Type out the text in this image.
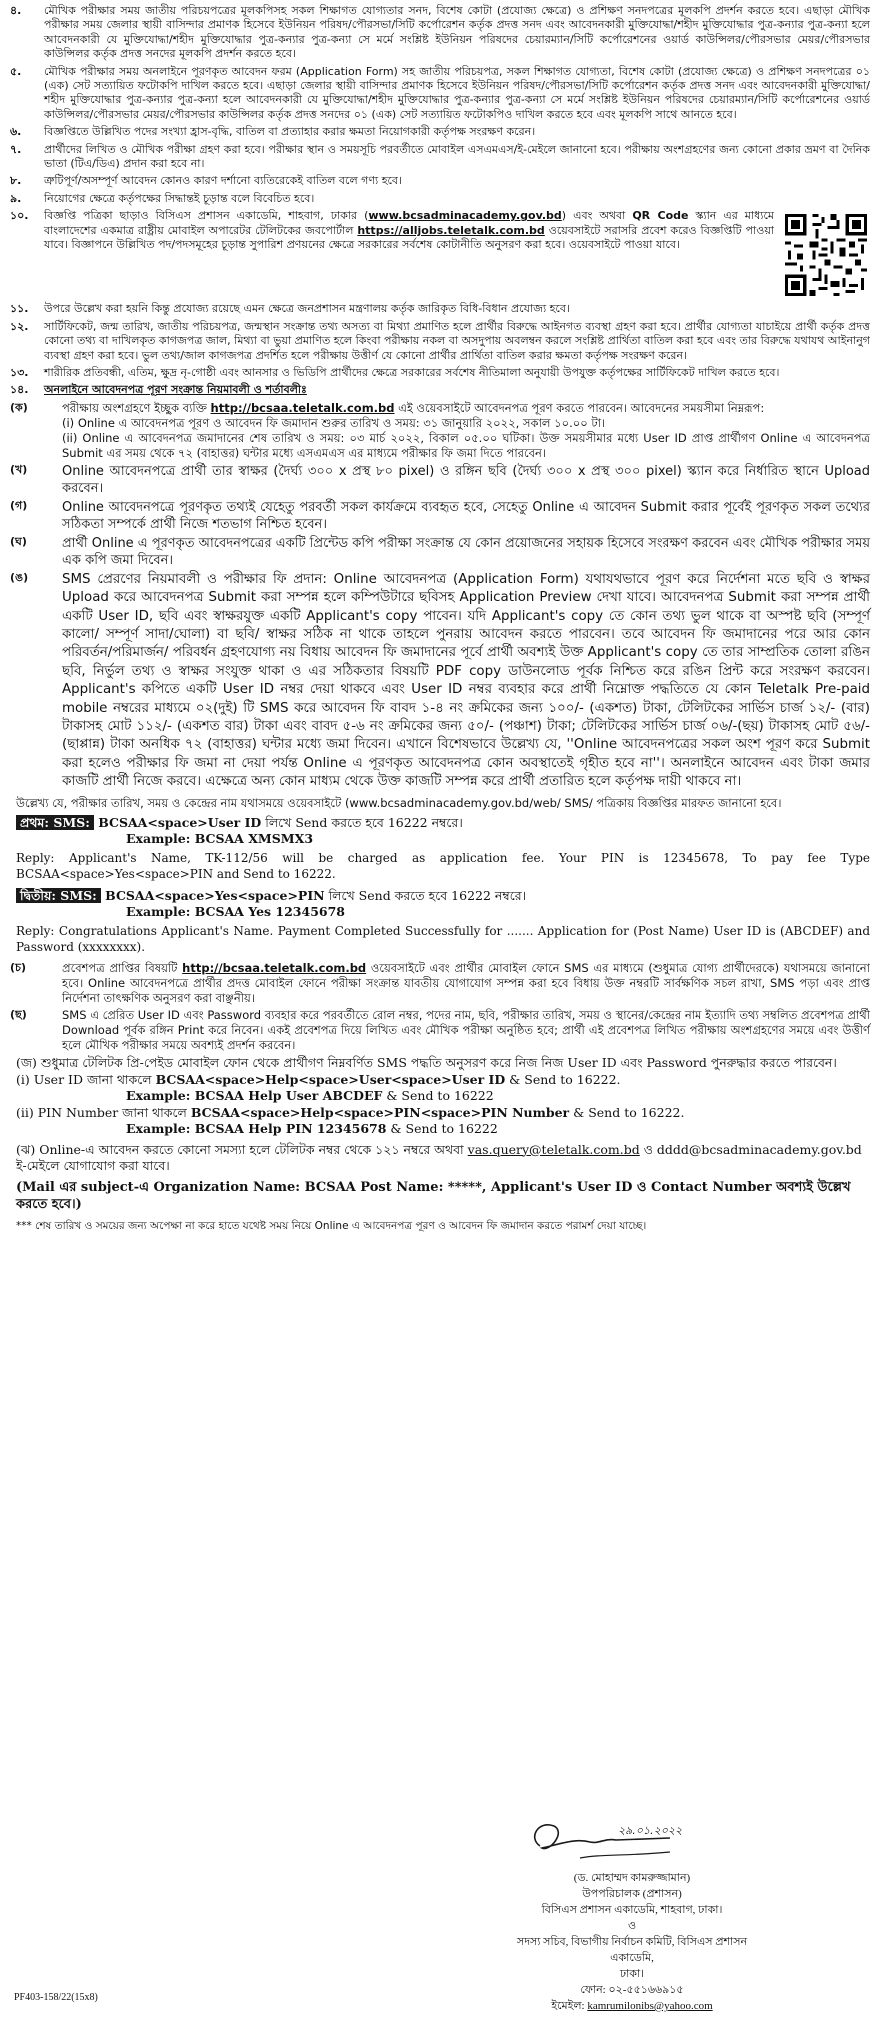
৪.	মৌখিক পরীক্ষার সময় জাতীয় পরিচয়পত্রের মূলকপিসহ সকল শিক্ষাগত যোগ্যতার সনদ, বিশেষ কোটা (প্রযোজ্য ক্ষেত্রে) ও প্রশিক্ষণ সনদপত্রের মূলকপি প্রদর্শন করতে হবে। এছাড়া মৌখিক পরীক্ষার সময় জেলার স্থায়ী বাসিন্দার প্রমাণক হিসেবে ইউনিয়ন পরিষদ/পৌরসভা/সিটি কর্পোরেশন কর্তৃক প্রদত্ত সনদ এবং আবেদনকারী মুক্তিযোদ্ধা/শহীদ মুক্তিযোদ্ধার পুত্র-কন্যার পুত্র-কন্যা হলে আবেদনকারী যে মুক্তিযোদ্ধা/শহীদ মুক্তিযোদ্ধার পুত্র-কন্যার পুত্র-কন্যা সে মর্মে সংশ্লিষ্ট ইউনিয়ন পরিষদের চেয়ারম্যান/সিটি কর্পোরেশনের ওয়ার্ড কাউন্সিলর/পৌরসভার মেয়র/পৌরসভার কাউন্সিলর কর্তৃক প্রদত্ত সনদের মূলকপি প্রদর্শন করতে হবে।
৫.	মৌখিক পরীক্ষার সময় অনলাইনে পূরণকৃত আবেদন ফরম (Application Form) সহ জাতীয় পরিচয়পত্র, সকল শিক্ষাগত যোগ্যতা, বিশেষ কোটা (প্রযোজ্য ক্ষেত্রে) ও প্রশিক্ষণ সনদপত্রের ০১ (এক) সেট সত্যায়িত ফটোকপি দাখিল করতে হবে। এছাড়া জেলার স্থায়ী বাসিন্দার প্রমাণক হিসেবে ইউনিয়ন পরিষদ/পৌরসভা/সিটি কর্পোরেশন কর্তৃক প্রদত্ত সনদ এবং আবেদনকারী মুক্তিযোদ্ধা/শহীদ মুক্তিযোদ্ধার পুত্র-কন্যার পুত্র-কন্যা হলে আবেদনকারী যে মুক্তিযোদ্ধা/শহীদ মুক্তিযোদ্ধার পুত্র-কন্যার পুত্র-কন্যা সে মর্মে সংশ্লিষ্ট ইউনিয়ন পরিষদের চেয়ারম্যান/সিটি কর্পোরেশনের ওয়ার্ড কাউন্সিলর/পৌরসভার মেয়র/পৌরসভার কাউন্সিলর কর্তৃক প্রদত্ত সনদের ০১ (এক) সেট সত্যায়িত ফটোকপিও দাখিল করতে হবে এবং মূলকপি সাথে আনতে হবে।
৬.	বিজ্ঞপ্তিতে উল্লিখিত পদের সংখ্যা হ্রাস-বৃদ্ধি, বাতিল বা প্রত্যাহার করার ক্ষমতা নিয়োগকারী কর্তৃপক্ষ সংরক্ষণ করেন।
৭.	প্রার্থীদের লিখিত ও মৌখিক পরীক্ষা গ্রহণ করা হবে। পরীক্ষার স্থান ও সময়সূচি পরবর্তীতে মোবাইল এসএমএস/ই-মেইলে জানানো হবে। পরীক্ষায় অংশগ্রহণের জন্য কোনো প্রকার ভ্রমণ বা দৈনিক ভাতা (টিএ/ডিএ) প্রদান করা হবে না।
৮.	ত্রুটিপূর্ণ/অসম্পূর্ণ আবেদন কোনও কারণ দর্শানো ব্যতিরেকেই বাতিল বলে গণ্য হবে।
৯.	নিয়োগের ক্ষেত্রে কর্তৃপক্ষের সিদ্ধান্তই চূড়ান্ত বলে বিবেচিত হবে।
১০.	বিজ্ঞপ্তি পত্রিকা ছাড়াও বিসিএস প্রশাসন একাডেমি, শাহবাগ, ঢাকার (www.bcsadminacademy.gov.bd) এবং অথবা QR Code স্ক্যান এর মাধ্যমে বাংলাদেশের একমাত্র রাষ্ট্রীয় মোবাইল অপারেটর টেলিটকের জবপোর্টাল https://alljobs.teletalk.com.bd ওয়েবসাইটে সরাসরি প্রবেশ করেও বিজ্ঞপ্তিটি পাওয়া যাবে। বিজ্ঞাপনে উল্লিখিত পদ/পদসমূহের চূড়ান্ত সুপারিশ প্রণয়নের ক্ষেত্রে সরকারের সর্বশেষ কোটানীতি অনুসরণ করা হবে। ওয়েবসাইটে পাওয়া যাবে।
১১.	উপরে উল্লেখ করা হয়নি কিন্তু প্রযোজ্য রয়েছে এমন ক্ষেত্রে জনপ্রশাসন মন্ত্রণালয় কর্তৃক জারিকৃত বিধি-বিধান প্রযোজ্য হবে।
১২.	সার্টিফিকেট, জন্ম তারিখ, জাতীয় পরিচয়পত্র, জন্মস্থান সংক্রান্ত তথ্য অসত্য বা মিথ্যা প্রমাণিত হলে প্রার্থীর বিরুদ্ধে আইনগত ব্যবস্থা গ্রহণ করা হবে। প্রার্থীর যোগ্যতা যাচাইয়ে প্রার্থী কর্তৃক প্রদত্ত কোনো তথ্য বা দাখিলকৃত কাগজপত্র জাল, মিথ্যা বা ভুয়া প্রমাণিত হলে কিংবা পরীক্ষায় নকল বা অসদুপায় অবলম্বন করলে সংশ্লিষ্ট প্রার্থিতা বাতিল করা হবে এবং তার বিরুদ্ধে যথাযথ আইনানুগ ব্যবস্থা গ্রহণ করা হবে। ভুল তথ্য/জাল কাগজপত্র প্রদর্শিত হলে পরীক্ষায় উত্তীর্ণ যে কোনো প্রার্থীর প্রার্থিতা বাতিল করার ক্ষমতা কর্তৃপক্ষ সংরক্ষণ করেন।
১৩.	শারীরিক প্রতিবন্ধী, এতিম, ক্ষুদ্র নৃ-গোষ্ঠী এবং আনসার ও ভিডিপি প্রার্থীদের ক্ষেত্রে সরকারের সর্বশেষ নীতিমালা অনুযায়ী উপযুক্ত কর্তৃপক্ষের সার্টিফিকেট দাখিল করতে হবে।
১৪.	অনলাইনে আবেদনপত্র পূরণ সংক্রান্ত নিয়মাবলী ও শর্তাবলীঃ
(ক)	পরীক্ষায় অংশগ্রহণে ইচ্ছুক ব্যক্তি http://bcsaa.teletalk.com.bd এই ওয়েবসাইটে আবেদনপত্র পূরণ করতে পারবেন। আবেদনের সময়সীমা নিম্নরূপ:

(i) Online এ আবেদনপত্র পূরণ ও আবেদন ফি জমাদান শুরুর তারিখ ও সময়: ৩১ জানুয়ারি ২০২২, সকাল ১০.০০ টা।

(ii) Online এ আবেদনপত্র জমাদানের শেষ তারিখ ও সময়: ০৩ মার্চ ২০২২, বিকাল ০৫.০০ ঘটিকা। উক্ত সময়সীমার মধ্যে User ID প্রাপ্ত প্রার্থীগণ Online এ আবেদনপত্র Submit এর সময় থেকে ৭২ (বাহাত্তর) ঘন্টার মধ্যে এসএমএস এর মাধ্যমে পরীক্ষার ফি জমা দিতে পারবেন।

(খ)	Online আবেদনপত্রে প্রার্থী তার স্বাক্ষর (দৈর্ঘ্য ৩০০ x প্রস্থ ৮০ pixel) ও রঙ্গিন ছবি (দৈর্ঘ্য ৩০০ x প্রস্থ ৩০০ pixel) স্ক্যান করে নির্ধারিত স্থানে Upload করবেন।
(গ)	Online আবেদনপত্রে পূরণকৃত তথ্যই যেহেতু পরবর্তী সকল কার্যক্রমে ব্যবহৃত হবে, সেহেতু Online এ আবেদন Submit করার পূর্বেই পূরণকৃত সকল তথ্যের সঠিকতা সম্পর্কে প্রার্থী নিজে শতভাগ নিশ্চিত হবেন।
(ঘ)	প্রার্থী Online এ পূরণকৃত আবেদনপত্রের একটি প্রিন্টেড কপি পরীক্ষা সংক্রান্ত যে কোন প্রয়োজনের সহায়ক হিসেবে সংরক্ষণ করবেন এবং মৌখিক পরীক্ষার সময় এক কপি জমা দিবেন।
(ঙ)	SMS প্রেরণের নিয়মাবলী ও পরীক্ষার ফি প্রদান: Online আবেদনপত্র (Application Form) যথাযথভাবে পূরণ করে নির্দেশনা মতে ছবি ও স্বাক্ষর Upload করে আবেদনপত্র Submit করা সম্পন্ন হলে কম্পিউটারে ছবিসহ Application Preview দেখা যাবে। আবেদনপত্র Submit করা সম্পন্ন প্রার্থী একটি User ID, ছবি এবং স্বাক্ষরযুক্ত একটি Applicant's copy পাবেন। যদি Applicant's copy তে কোন তথ্য ভুল থাকে বা অস্পষ্ট ছবি (সম্পূর্ণ কালো/ সম্পূর্ণ সাদা/ঘোলা) বা ছবি/ স্বাক্ষর সঠিক না থাকে তাহলে পুনরায় আবেদন করতে পারবেন। তবে আবেদন ফি জমাদানের পরে আর কোন পরিবর্তন/পরিমার্জন/ পরিবর্ধন গ্রহণযোগ্য নয় বিধায় আবেদন ফি জমাদানের পূর্বে প্রার্থী অবশ্যই উক্ত Applicant's copy তে তার সাম্প্রতিক তোলা রঙিন ছবি, নির্ভুল তথ্য ও স্বাক্ষর সংযুক্ত থাকা ও এর সঠিকতার বিষয়টি PDF copy ডাউনলোড পূর্বক নিশ্চিত করে রঙিন প্রিন্ট করে সংরক্ষণ করবেন। Applicant's কপিতে একটি User ID নম্বর দেয়া থাকবে এবং User ID নম্বর ব্যবহার করে প্রার্থী নিম্নোক্ত পদ্ধতিতে যে কোন Teletalk Pre-paid mobile নম্বরের মাধ্যমে ০২(দুই) টি SMS করে আবেদন ফি বাবদ ১-৪ নং ক্রমিকের জন্য ১০০/- (একশত) টাকা, টেলিটকের সার্ভিস চার্জ ১২/- (বার) টাকাসহ মোট ১১২/- (একশত বার) টাকা এবং বাবদ ৫-৬ নং ক্রমিকের জন্য ৫০/- (পঞ্চাশ) টাকা; টেলিটকের সার্ভিস চার্জ ০৬/-(ছয়) টাকাসহ মোট ৫৬/- (ছাপ্পান্ন) টাকা অনধিক ৭২ (বাহাত্তর) ঘন্টার মধ্যে জমা দিবেন। এখানে বিশেষভাবে উল্লেখ্য যে, ''Online আবেদনপত্রের সকল অংশ পূরণ করে Submit করা হলেও পরীক্ষার ফি জমা না দেয়া পর্যন্ত Online এ পূরণকৃত আবেদনপত্র কোন অবস্থাতেই গৃহীত হবে না''। অনলাইনে আবেদন এবং টাকা জমার কাজটি প্রার্থী নিজে করবে। এক্ষেত্রে অন্য কোন মাধ্যম থেকে উক্ত কাজটি সম্পন্ন করে প্রার্থী প্রতারিত হলে কর্তৃপক্ষ দায়ী থাকবে না।
উল্লেখ্য যে, পরীক্ষার তারিখ, সময় ও কেন্দ্রের নাম যথাসময়ে ওয়েবসাইটে (www.bcsadminacademy.gov.bd/web/ SMS/ পত্রিকায় বিজ্ঞপ্তির মারফত জানানো হবে।
প্রথম: SMS: BCSAA<space>User ID লিখে Send করতে হবে 16222 নম্বরে।
Example: BCSAA XMSMX3
Reply: Applicant's Name, TK-112/56 will be charged as application fee. Your PIN is 12345678, To pay fee Type BCSAA<space>Yes<space>PIN and Send to 16222.
দ্বিতীয়: SMS: BCSAA<space>Yes<space>PIN লিখে Send করতে হবে 16222 নম্বরে।
Example: BCSAA Yes 12345678
Reply: Congratulations Applicant's Name. Payment Completed Successfully for ....... Application for (Post Name) User ID is (ABCDEF) and Password (xxxxxxxx).
(চ)	প্রবেশপত্র প্রাপ্তির বিষয়টি http://bcsaa.teletalk.com.bd ওয়েবসাইটে এবং প্রার্থীর মোবাইল ফোনে SMS এর মাধ্যমে (শুধুমাত্র যোগ্য প্রার্থীদেরকে) যথাসময়ে জানানো হবে। Online আবেদনপত্রে প্রার্থীর প্রদত্ত মোবাইল ফোনে পরীক্ষা সংক্রান্ত যাবতীয় যোগাযোগ সম্পন্ন করা হবে বিধায় উক্ত নম্বরটি সার্বক্ষণিক সচল রাখা, SMS পড়া এবং প্রাপ্ত নির্দেশনা তাৎক্ষণিক অনুসরণ করা বাঞ্ছনীয়।
(ছ)	SMS এ প্রেরিত User ID এবং Password ব্যবহার করে পরবর্তীতে রোল নম্বর, পদের নাম, ছবি, পরীক্ষার তারিখ, সময় ও স্থানের/কেন্দ্রের নাম ইত্যাদি তথ্য সম্বলিত প্রবেশপত্র প্রার্থী Download পূর্বক রঙ্গিন Print করে নিবেন। একই প্রবেশপত্র দিয়ে লিখিত এবং মৌখিক পরীক্ষা অনুষ্ঠিত হবে; প্রার্থী এই প্রবেশপত্র লিখিত পরীক্ষায় অংশগ্রহণের সময়ে এবং উত্তীর্ণ হলে মৌখিক পরীক্ষার সময়ে অবশ্যই প্রদর্শন করবেন।
(জ) শুধুমাত্র টেলিটক প্রি-পেইড মোবাইল ফোন থেকে প্রার্থীগণ নিম্নবর্ণিত SMS পদ্ধতি অনুসরণ করে নিজ নিজ User ID এবং Password পুনরুদ্ধার করতে পারবেন।
(i) User ID জানা থাকলে BCSAA<space>Help<space>User<space>User ID & Send to 16222.
Example: BCSAA Help User ABCDEF & Send to 16222
(ii) PIN Number জানা থাকলে BCSAA<space>Help<space>PIN<space>PIN Number & Send to 16222.
Example: BCSAA Help PIN 12345678 & Send to 16222
(ঝ) Online-এ আবেদন করতে কোনো সমস্যা হলে টেলিটক নম্বর থেকে ১২১ নম্বরে অথবা vas.query@teletalk.com.bd ও dddd@bcsadminacademy.gov.bd ই-মেইলে যোগাযোগ করা যাবে।
(Mail এর subject-এ Organization Name: BCSAA Post Name: *****, Applicant's User ID ও Contact Number অবশ্যই উল্লেখ করতে হবে।)
*** শেষ তারিখ ও সময়ের জন্য অপেক্ষা না করে হাতে যথেষ্ট সময় নিয়ে Online এ আবেদনপত্র পূরণ ও আবেদন ফি জমাদান করতে পরামর্শ দেয়া যাচ্ছে।
২৯.০১.২০২২
(ড. মোহাম্মদ কামরুজ্জামান)
উপপরিচালক (প্রশাসন)
বিসিএস প্রশাসন একাডেমি, শাহবাগ, ঢাকা।
ও
সদস্য সচিব, বিভাগীয় নির্বাচন কমিটি, বিসিএস প্রশাসন একাডেমি,
ঢাকা।
ফোন: ০২-৫৫১৬৬৯১৫
ইমেইল: kamrumilonibs@yahoo.com
PF403-158/22(15x8)
